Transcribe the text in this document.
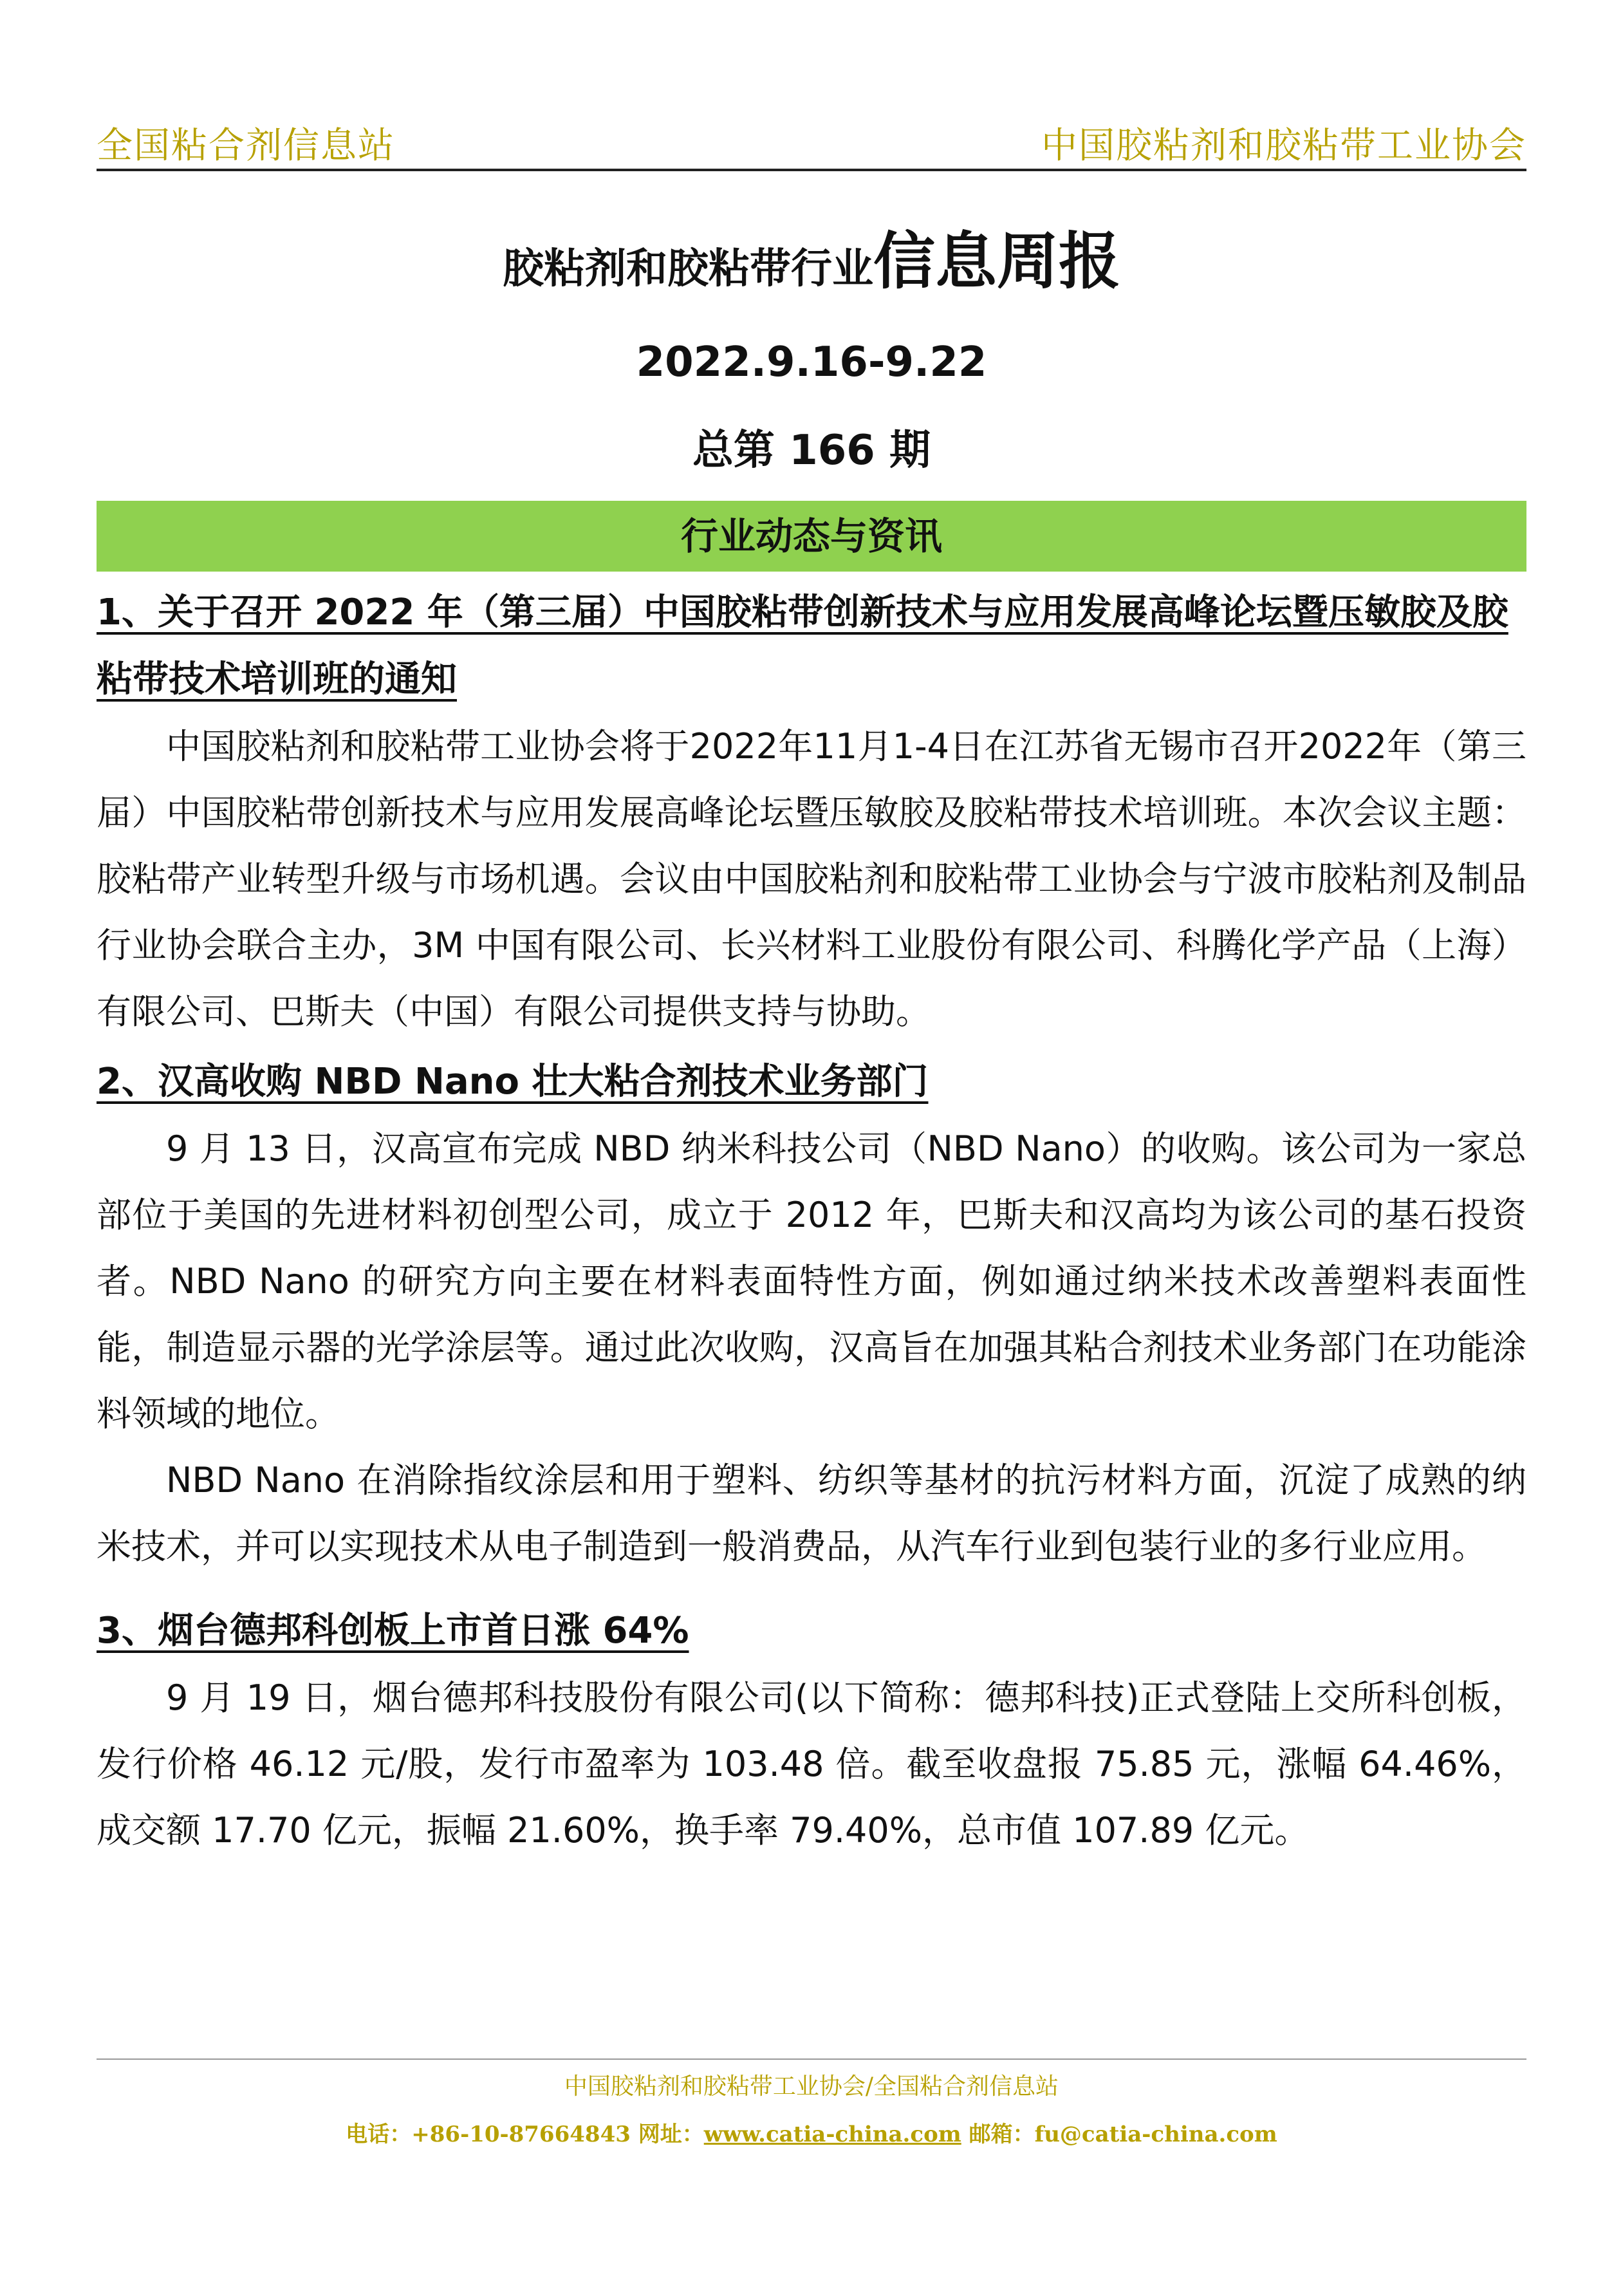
全国粘合剂信息站	中国胶粘剂和胶粘带工业协会
胶粘剂和胶粘带行业信息周报
2022.9.16-9.22
总第 166 期
行业动态与资讯

1、关于召开 2022 年（第三届）中国胶粘带创新技术与应用发展高峰论坛暨压敏胶及胶粘带技术培训班的通知

中国胶粘剂和胶粘带工业协会将于2022年11月1-4日在江苏省无锡市召开2022年（第三届）中国胶粘带创新技术与应用发展高峰论坛暨压敏胶及胶粘带技术培训班。本次会议主题：胶粘带产业转型升级与市场机遇。会议由中国胶粘剂和胶粘带工业协会与宁波市胶粘剂及制品行业协会联合主办，3M 中国有限公司、长兴材料工业股份有限公司、科腾化学产品（上海）有限公司、巴斯夫（中国）有限公司提供支持与协助。

2、汉高收购 NBD Nano 壮大粘合剂技术业务部门

9 月 13 日，汉高宣布完成 NBD 纳米科技公司（NBD Nano）的收购。该公司为一家总部位于美国的先进材料初创型公司，成立于 2012 年，巴斯夫和汉高均为该公司的基石投资者。NBD Nano 的研究方向主要在材料表面特性方面，例如通过纳米技术改善塑料表面性能，制造显示器的光学涂层等。通过此次收购，汉高旨在加强其粘合剂技术业务部门在功能涂料领域的地位。

NBD Nano 在消除指纹涂层和用于塑料、纺织等基材的抗污材料方面，沉淀了成熟的纳米技术，并可以实现技术从电子制造到一般消费品，从汽车行业到包装行业的多行业应用。

3、烟台德邦科创板上市首日涨 64%

9 月 19 日，烟台德邦科技股份有限公司(以下简称：德邦科技)正式登陆上交所科创板，发行价格 46.12 元/股，发行市盈率为 103.48 倍。截至收盘报 75.85 元，涨幅 64.46%，成交额 17.70 亿元，振幅 21.60%，换手率 79.40%，总市值 107.89 亿元。

中国胶粘剂和胶粘带工业协会/全国粘合剂信息站
电话：+86-10-87664843 网址：www.catia-china.com 邮箱：fu@catia-china.com
